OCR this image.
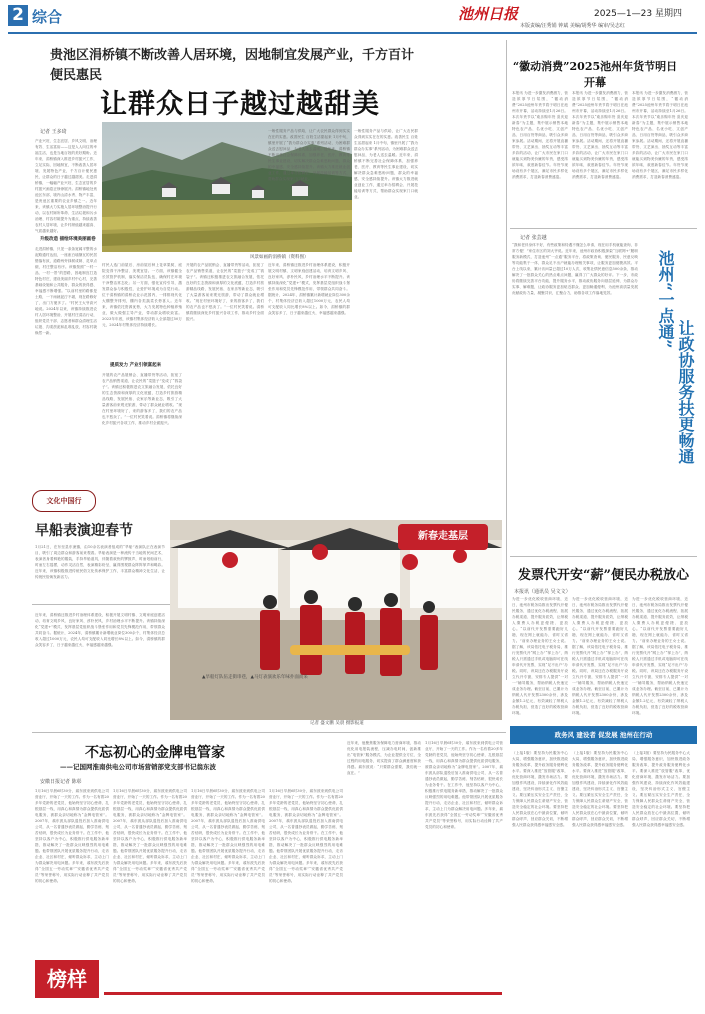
2 综合	池州日报	2025—1—23 星期四
本版责编/汪秀娟 钟斌 美编/胡秀华 编审/吴志红
贵池区涓桥镇不断改善人居环境，因地制宜发展产业，千方百计
便民惠民
让群众日子越过越甜美
记者 王多琦
产业兴旺、生态宜居、乡风文明、治理有效、生活富裕——这是人人向往的幸福生活，也是当地百姓的美好期盼。近年来，涓桥镇深入推进乡村振兴工作，立足实际、因地制宜，不断改善人居环境、发展特色产业，千方百计便民惠民，让群众的日子越过越甜美。走进涓桥镇，一幅幅产业兴旺、生态宜居的乡村振兴画卷正徐徐展开。涓桥镇地处贵池区东部，境内山清水秀、物产丰富，是贵池区重要的农业乡镇之一。近年来，该镇大力实施人居环境整治提升行动，以农村厕所革命、生活垃圾和污水治理、村容村貌提升为重点，持续改善农村人居环境，让乡村颜值越来越高、气质越来越好。
升级改造 描绘环境美丽画卷
走进涓桥镇，只见一条条宽阔平整的水泥路通村达组，一座座白墙黛瓦的民居错落有致，道路两旁绿树成荫、花草点缀，村庄整洁有序。该镇按照“一村一品、一村一景”的思路，因地制宜打造特色村庄，建设美丽乡村中心村，完善基础设施和公共服务，群众的获得感、幸福感不断增强。“以前村里的路都是土路，一下雨就泥泞不堪，现在路修好了，出门方便多了。”村民王大爷高兴地说。2024年以来，该镇持续推进农村人居环境整治，开展村庄清洁行动，组织党员干部、志愿者和群众清理生活垃圾、沟渠淤泥和乱堆乱放，村容村貌焕然一新。
风景如画的涓桥镇（资料图）
村民人选门前屋后、房前屋后种上花草果树，庭院变得干净整洁、美观宜居。一方面，该镇健全长效管护机制，落实保洁员队伍，确保村庄环境干净整洁常态化；另一方面，强化宣传引导，激发群众参与积极性，让爱护环境成为自觉行动。位于涓桥镇的涓桥农业示范园内，一排排现代化大棚整齐排列，棚内各类蔬菜长势喜人。近年来，该镇依托资源优势，大力发展特色种植养殖业，做大做强主导产业，带动群众增收致富。2023年年底，该镇村集体经济收入全部超过50万元，2024年村集体经济持续增长。
提质发力 产业引领富起来
开展的农产品展销会、直播带货等活动，拓宽了农产品销售渠道，让农民的“菜篮子”变成了“钱袋子”。该镇还积极推进农文旅融合发展，依托良好的生态资源和深厚的文化底蕴，打造乡村旅游精品线路，发展民宿、农家乐等新业态，吸引了大量游客前来观光旅游，带动了群众就业增收。“现在村里环境好了，来的游客多了，我们的农产品也不愁卖了。”一位村民笑着说。涓桥镇将继续深化乡村振兴各项工作，推动乡村全面振兴。
开展的农产品展销会、直播带货等活动，拓宽了农产品销售渠道，让农民的“菜篮子”变成了“钱袋子”。该镇还积极推进农文旅融合发展，依托良好的生态资源和深厚的文化底蕴，打造乡村旅游精品线路，发展民宿、农家乐等新业态，吸引了大量游客前来观光旅游，带动了群众就业增收。“现在村里环境好了，来的游客多了，我们的农产品也不愁卖了。”一位村民笑着说。涓桥镇将继续深化乡村振兴各项工作，推动乡村全面振兴。
一般性服务产品与供给，让广大农民群众得到实实在在的实惠。改善民生 百姓生活甜起来 1月中旬，镇里开展了“我为群众办实事”系列活动，为困难群众送去慰问品，为老人送去温暖。近年来，涓桥镇不断完善社会保障体系，加强养老、医疗、教育等民生事业建设，切实解决群众急难愁盼问题，群众的幸福感、安全感持续提升。该镇大力推进就业创业工作，通过举办招聘会、开展技能培训等方式，帮助群众实现家门口就业。
近年来，涓桥镇还推进乡村治理体系建设，积极开展文明村镇、文明家庭创建活动，培育文明乡风、良好家风、淳朴民风，乡村治理水平不断提升。该镇持续深化“党建+”模式，发挥基层党组织战斗堡垒作用和党员先锋模范作用，带领群众共同奋斗。据统计，2024年，涓桥镇累计新增就业岗位300余个，村集体经济总收入超过1000万元，农民人均可支配收入同比增长8%以上。如今，涓桥镇的群众笑容多了，日子越来越红火，幸福感越来越强。
一般性服务产品与供给，让广大农民群众得到实实在在的实惠。改善民生 百姓生活甜起来 1月中旬，镇里开展了“我为群众办实事”系列活动，为困难群众送去慰问品，为老人送去温暖。近年来，涓桥镇不断完善社会保障体系，加强养老、医疗、教育等民生事业建设，切实解决群众急难愁盼问题，群众的幸福感、安全感持续提升。该镇大力推进就业创业工作，通过举办招聘会、开展技能培训等方式，帮助群众实现家门口就业。
“徽动消费”2025池州年货节明日开幕
本报讯 为进一步激发消费潜力，营造浓厚节日氛围，“徽动消费”2025池州年货节将于明日在池州市开幕，活动持续至1月26日。本次年货节以“欢乐购年货 喜庆迎新春”为主题，集中展示销售本地特色农产品、名优小吃、文创产品、日用百货等商品，吸引众多商家参展。活动期间，还将开展直播带货、文艺演出、抽奖互动等丰富多彩的活动，让广大市民在家门口就能买到物美价廉的年货，感受浓浓年味，欢度新春佳节。年货节现场设有多个展区，满足市民多样化消费需求，打造新春消费盛宴。
本报讯 为进一步激发消费潜力，营造浓厚节日氛围，“徽动消费”2025池州年货节将于明日在池州市开幕，活动持续至1月26日。本次年货节以“欢乐购年货 喜庆迎新春”为主题，集中展示销售本地特色农产品、名优小吃、文创产品、日用百货等商品，吸引众多商家参展。活动期间，还将开展直播带货、文艺演出、抽奖互动等丰富多彩的活动，让广大市民在家门口就能买到物美价廉的年货，感受浓浓年味，欢度新春佳节。年货节现场设有多个展区，满足市民多样化消费需求，打造新春消费盛宴。
本报讯 为进一步激发消费潜力，营造浓厚节日氛围，“徽动消费”2025池州年货节将于明日在池州市开幕，活动持续至1月26日。本次年货节以“欢乐购年货 喜庆迎新春”为主题，集中展示销售本地特色农产品、名优小吃、文创产品、日用百货等商品，吸引众多商家参展。活动期间，还将开展直播带货、文艺演出、抽奖互动等丰富多彩的活动，让广大市民在家门口就能买到物美价廉的年货，感受浓浓年味，欢度新春佳节。年货节现场设有多个展区，满足市民多样化消费需求，打造新春消费盛宴。
记者 张芸越
“我和老伴身体不好，有些政策和待遇不懂怎么申请，现在用手机就能查询，非常方便！”家住市区的刘大爷说。近年来，池州市政协积极探索“互联网+”履职服务新模式，打造池州“一点通”服务平台，将政策查询、便民服务、民意反映等功能集于一体，群众足不出户就能办理相关事项，让服务更加便捷高效。平台上线以来，累计访问量已超过10万人次，收集社情民意信息500余条，推动解决了一批群众关心的热点难点问题，赢得了广大群众的好评。下一步，市政协将继续完善平台功能，提升服务水平，推动政协服务向基层延伸，为群众办实事、解难题，让政协服务更加贴近群众、更加畅通便利，为池州高质量发展贡献政协力量，凝聚共识，汇聚合力，助推各项工作落地见效。	池州“一点通”
让政协服务扶更畅通
发票代开安“薪”便民办税放心
本报讯（通讯员 吴文文）
为进一步优化税收营商环境，近日，池州市税务局推出发票代开便民服务，通过优化办税流程、拓展办税渠道、提升服务质效，让纳税人缴费人办税更便捷、更放心。“以前代开发票需要跑好几趟，现在网上就能办，省时又省力。”前来办理业务的王女士说。据了解，该局依托电子税务局，推行发票代开“网上办”“掌上办”，纳税人只需通过手机或电脑即可在线申请代开发票，实现“足不出户”办税。同时，该局还在办税服务厅设立代开专窗，安排专人提供“一对一”辅导服务，帮助纳税人快速完成业务办理。截至目前，已累计为纳税人代开发票2300余份，涉及金额1.2亿元，有效减轻了纳税人办税负担，营造了良好的税收营商环境。
为进一步优化税收营商环境，近日，池州市税务局推出发票代开便民服务，通过优化办税流程、拓展办税渠道、提升服务质效，让纳税人缴费人办税更便捷、更放心。“以前代开发票需要跑好几趟，现在网上就能办，省时又省力。”前来办理业务的王女士说。据了解，该局依托电子税务局，推行发票代开“网上办”“掌上办”，纳税人只需通过手机或电脑即可在线申请代开发票，实现“足不出户”办税。同时，该局还在办税服务厅设立代开专窗，安排专人提供“一对一”辅导服务，帮助纳税人快速完成业务办理。截至目前，已累计为纳税人代开发票2300余份，涉及金额1.2亿元，有效减轻了纳税人办税负担，营造了良好的税收营商环境。
为进一步优化税收营商环境，近日，池州市税务局推出发票代开便民服务，通过优化办税流程、拓展办税渠道、提升服务质效，让纳税人缴费人办税更便捷、更放心。“以前代开发票需要跑好几趟，现在网上就能办，省时又省力。”前来办理业务的王女士说。据了解，该局依托电子税务局，推行发票代开“网上办”“掌上办”，纳税人只需通过手机或电脑即可在线申请代开发票，实现“足不出户”办税。同时，该局还在办税服务厅设立代开专窗，安排专人提供“一对一”辅导服务，帮助纳税人快速完成业务办理。截至目前，已累计为纳税人代开发票2300余份，涉及金额1.2亿元，有效减轻了纳税人办税负担，营造了良好的税收营商环境。
文化中国行
早船表演迎春节
1月21日，在东至县东流镇，由10余名表演者组成的“旱船”表演队正在表演节目，吸引了周边群众和游客前来观看。旱船表演是一种流传于当地的民间艺术，表演者身着鲜艳的服装，手持旱船道具，伴随着欢快的锣鼓声，时而划船前行，时而左右摇摆，动作灵活自然，表演精彩纷呈，赢得围观群众阵阵掌声和喝彩。近年来，该镇积极推进传统民俗文化传承保护工作，丰富群众精神文化生活，让传统民俗焕发新活力。
新春走基层
▲旱船灯队伍走街串巷，▲马灯表演欢乐年味扑面而来
记者 盛文鹏 吴晨 摄影报道
近年来，涓桥镇还推进乡村治理体系建设，积极开展文明村镇、文明家庭创建活动，培育文明乡风、良好家风、淳朴民风，乡村治理水平不断提升。该镇持续深化“党建+”模式，发挥基层党组织战斗堡垒作用和党员先锋模范作用，带领群众共同奋斗。据统计，2024年，涓桥镇累计新增就业岗位300余个，村集体经济总收入超过1000万元，农民人均可支配收入同比增长8%以上。如今，涓桥镇的群众笑容多了，日子越来越红火，幸福感越来越强。
不忘初心的金牌电管家
——记国网淮南供电公司市场营销部党支部书记翁东波
安徽日报记者 陈彰
1月16日早晨6时30分，翁东波来到供电公司营业厅，开始了一天的工作。作为一名有着20多年党龄的老党员，他始终坚守初心使命，扎根基层一线，用真心和真情为群众提供优质供电服务，被群众亲切地称为“金牌电管家”。2007年，翁东波从部队退役后加入淮南供电公司，从一名普通抄表员做起，勤学苦练、刻苦钻研，很快成长为业务骨干。在工作中，他坚持以客户为中心，积极推行供电服务新举措，推动解决了一批群众反映强烈的用电难题。他带领团队开展优质服务提升行动，走访企业、社区和村庄，倾听群众诉求，主动上门为群众解决用电问题。多年来，翁东波先后获得“全国五一劳动奖章”“安徽省优秀共产党员”等荣誉称号，用实际行动诠释了共产党员的初心和使命。
1月16日早晨6时30分，翁东波来到供电公司营业厅，开始了一天的工作。作为一名有着20多年党龄的老党员，他始终坚守初心使命，扎根基层一线，用真心和真情为群众提供优质供电服务，被群众亲切地称为“金牌电管家”。2007年，翁东波从部队退役后加入淮南供电公司，从一名普通抄表员做起，勤学苦练、刻苦钻研，很快成长为业务骨干。在工作中，他坚持以客户为中心，积极推行供电服务新举措，推动解决了一批群众反映强烈的用电难题。他带领团队开展优质服务提升行动，走访企业、社区和村庄，倾听群众诉求，主动上门为群众解决用电问题。多年来，翁东波先后获得“全国五一劳动奖章”“安徽省优秀共产党员”等荣誉称号，用实际行动诠释了共产党员的初心和使命。
1月16日早晨6时30分，翁东波来到供电公司营业厅，开始了一天的工作。作为一名有着20多年党龄的老党员，他始终坚守初心使命，扎根基层一线，用真心和真情为群众提供优质供电服务，被群众亲切地称为“金牌电管家”。2007年，翁东波从部队退役后加入淮南供电公司，从一名普通抄表员做起，勤学苦练、刻苦钻研，很快成长为业务骨干。在工作中，他坚持以客户为中心，积极推行供电服务新举措，推动解决了一批群众反映强烈的用电难题。他带领团队开展优质服务提升行动，走访企业、社区和村庄，倾听群众诉求，主动上门为群众解决用电问题。多年来，翁东波先后获得“全国五一劳动奖章”“安徽省优秀共产党员”等荣誉称号，用实际行动诠释了共产党员的初心和使命。
1月16日早晨6时30分，翁东波来到供电公司营业厅，开始了一天的工作。作为一名有着20多年党龄的老党员，他始终坚守初心使命，扎根基层一线，用真心和真情为群众提供优质供电服务，被群众亲切地称为“金牌电管家”。2007年，翁东波从部队退役后加入淮南供电公司，从一名普通抄表员做起，勤学苦练、刻苦钻研，很快成长为业务骨干。在工作中，他坚持以客户为中心，积极推行供电服务新举措，推动解决了一批群众反映强烈的用电难题。他带领团队开展优质服务提升行动，走访企业、社区和村庄，倾听群众诉求，主动上门为群众解决用电问题。多年来，翁东波先后获得“全国五一劳动奖章”“安徽省优秀共产党员”等荣誉称号，用实际行动诠释了共产党员的初心和使命。
近年来，他聚焦服务保障电力营商环境，推动优化用电报装流程，压减办电时间，创新推出“电管家”服务模式，为企业提供全方位、全过程的用电服务，切实提高了群众满意度和获得感。翁东波说：“只要群众需要，我们就一直在。”
1月16日早晨6时30分，翁东波来到供电公司营业厅，开始了一天的工作。作为一名有着20多年党龄的老党员，他始终坚守初心使命，扎根基层一线，用真心和真情为群众提供优质供电服务，被群众亲切地称为“金牌电管家”。2007年，翁东波从部队退役后加入淮南供电公司，从一名普通抄表员做起，勤学苦练、刻苦钻研，很快成长为业务骨干。在工作中，他坚持以客户为中心，积极推行供电服务新举措，推动解决了一批群众反映强烈的用电难题。他带领团队开展优质服务提升行动，走访企业、社区和村庄，倾听群众诉求，主动上门为群众解决用电问题。多年来，翁东波先后获得“全国五一劳动奖章”“安徽省优秀共产党员”等荣誉称号，用实际行动诠释了共产党员的初心和使命。
榜样
政务风 建设者 促发展 池州在行动
（上接1版）要坚持为民服务中心大局，增强服务意识，加快推进政务服务改革，提升政务服务便利化水平。要深入推进“放管服”改革，优化营商环境，激发市场活力。要加强作风建设，持续深化作风效能建设，坚决纠治形式主义、官僚主义。要压紧压实安全生产责任，全力保障人民群众生命财产安全，营造安全稳定的社会环境。要坚持把人民群众放在心中最高位置，倾听群众呼声，回应群众关切，不断增强人民群众获得感幸福感安全感。
（上接1版）要坚持为民服务中心大局，增强服务意识，加快推进政务服务改革，提升政务服务便利化水平。要深入推进“放管服”改革，优化营商环境，激发市场活力。要加强作风建设，持续深化作风效能建设，坚决纠治形式主义、官僚主义。要压紧压实安全生产责任，全力保障人民群众生命财产安全，营造安全稳定的社会环境。要坚持把人民群众放在心中最高位置，倾听群众呼声，回应群众关切，不断增强人民群众获得感幸福感安全感。
（上接1版）要坚持为民服务中心大局，增强服务意识，加快推进政务服务改革，提升政务服务便利化水平。要深入推进“放管服”改革，优化营商环境，激发市场活力。要加强作风建设，持续深化作风效能建设，坚决纠治形式主义、官僚主义。要压紧压实安全生产责任，全力保障人民群众生命财产安全，营造安全稳定的社会环境。要坚持把人民群众放在心中最高位置，倾听群众呼声，回应群众关切，不断增强人民群众获得感幸福感安全感。
